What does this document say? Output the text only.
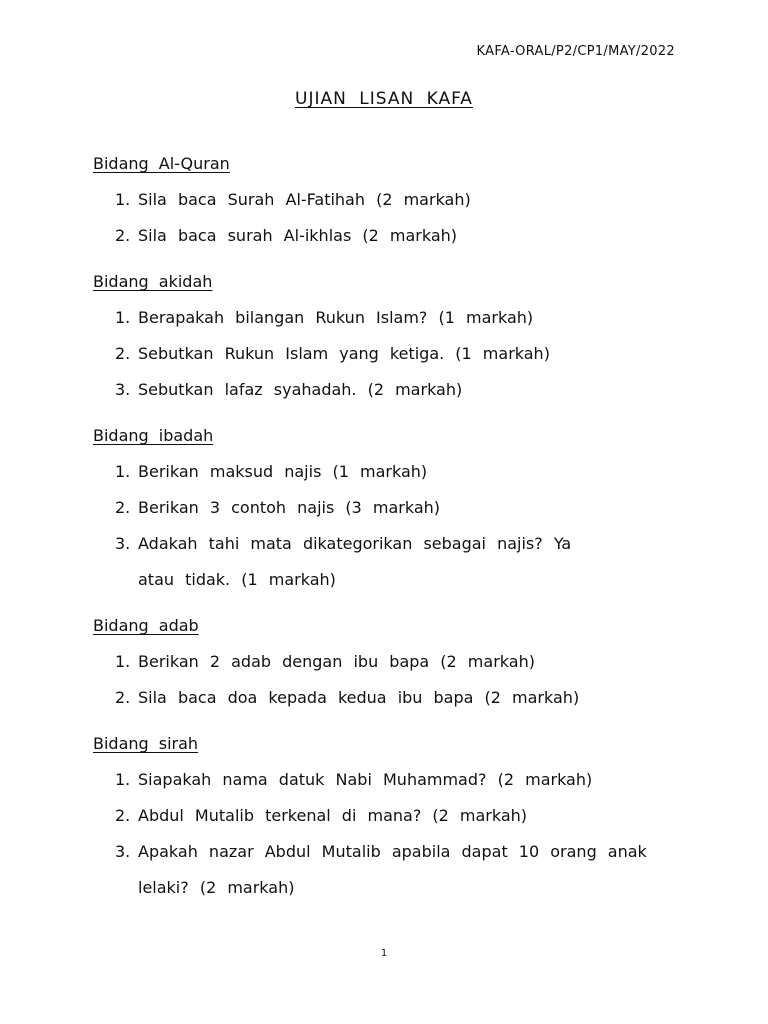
KAFA-ORAL/P2/CP1/MAY/2022
UJIAN LISAN KAFA
Bidang Al-Quran
1. Sila baca Surah Al-Fatihah (2 markah)
2. Sila baca surah Al-ikhlas (2 markah)
Bidang akidah
1. Berapakah bilangan Rukun Islam? (1 markah)
2. Sebutkan Rukun Islam yang ketiga. (1 markah)
3. Sebutkan lafaz syahadah. (2 markah)
Bidang ibadah
1. Berikan maksud najis (1 markah)
2. Berikan 3 contoh najis (3 markah)
3. Adakah tahi mata dikategorikan sebagai najis? Ya atau tidak. (1 markah)
Bidang adab
1. Berikan 2 adab dengan ibu bapa (2 markah)
2. Sila baca doa kepada kedua ibu bapa (2 markah)
Bidang sirah
1. Siapakah nama datuk Nabi Muhammad? (2 markah)
2. Abdul Mutalib terkenal di mana? (2 markah)
3. Apakah nazar Abdul Mutalib apabila dapat 10 orang anak lelaki? (2 markah)
1
